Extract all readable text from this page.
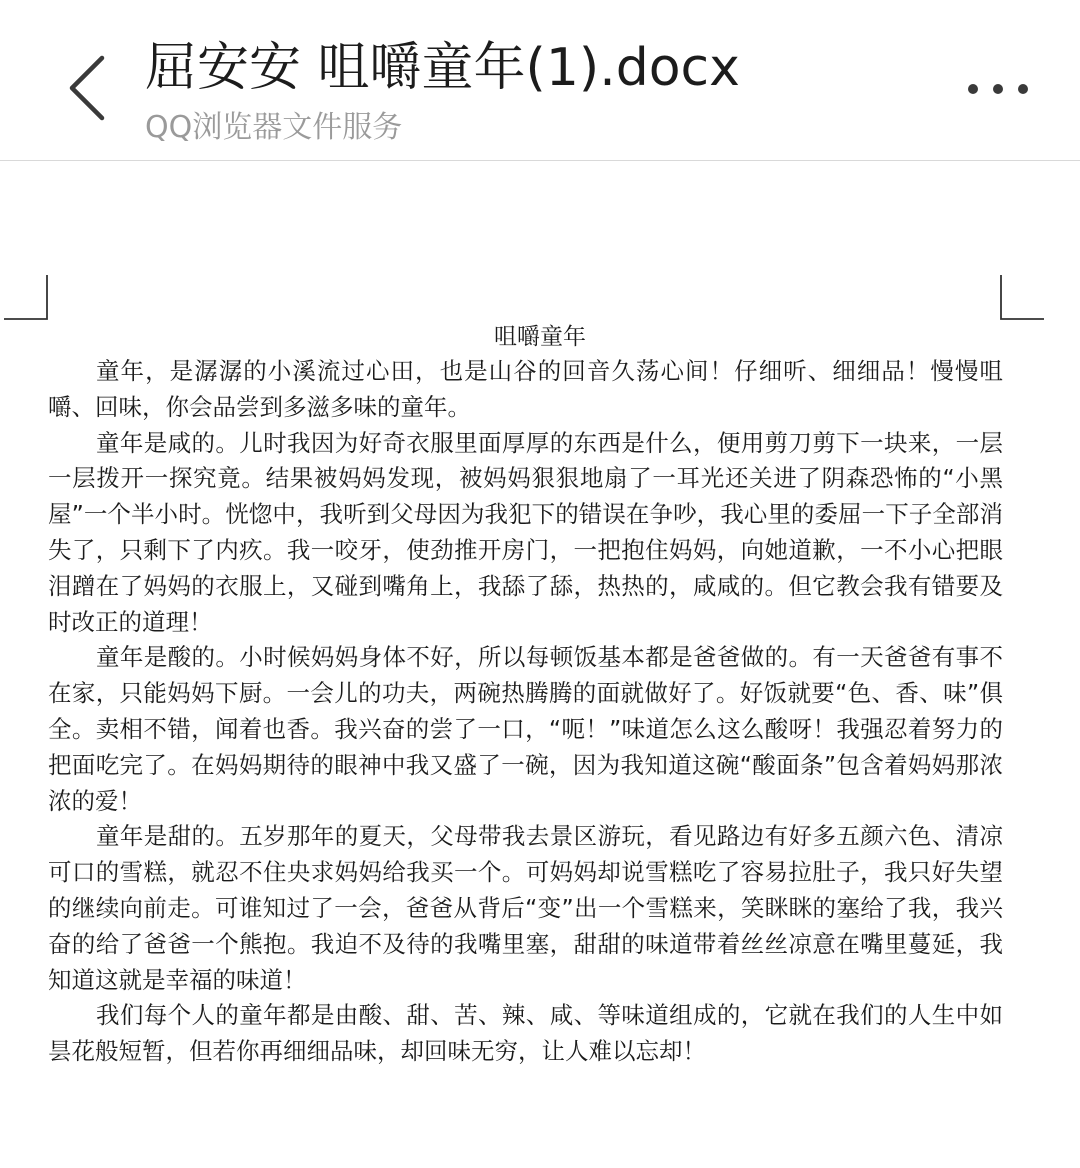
屈安安 咀嚼童年(1).docx
QQ浏览器文件服务
咀嚼童年

童年，是潺潺的小溪流过心田，也是山谷的回音久荡心间！仔细听、细细品！慢慢咀嚼、回味，你会品尝到多滋多味的童年。

童年是咸的。儿时我因为好奇衣服里面厚厚的东西是什么，便用剪刀剪下一块来，一层一层拨开一探究竟。结果被妈妈发现，被妈妈狠狠地扇了一耳光还关进了阴森恐怖的“小黑屋”一个半小时。恍惚中，我听到父母因为我犯下的错误在争吵，我心里的委屈一下子全部消失了，只剩下了内疚。我一咬牙，使劲推开房门，一把抱住妈妈，向她道歉，一不小心把眼泪蹭在了妈妈的衣服上，又碰到嘴角上，我舔了舔，热热的，咸咸的。但它教会我有错要及时改正的道理！

童年是酸的。小时候妈妈身体不好，所以每顿饭基本都是爸爸做的。有一天爸爸有事不在家，只能妈妈下厨。一会儿的功夫，两碗热腾腾的面就做好了。好饭就要“色、香、味”俱全。卖相不错，闻着也香。我兴奋的尝了一口，“呃！”味道怎么这么酸呀！我强忍着努力的把面吃完了。在妈妈期待的眼神中我又盛了一碗，因为我知道这碗“酸面条”包含着妈妈那浓浓的爱！

童年是甜的。五岁那年的夏天，父母带我去景区游玩，看见路边有好多五颜六色、清凉可口的雪糕，就忍不住央求妈妈给我买一个。可妈妈却说雪糕吃了容易拉肚子，我只好失望的继续向前走。可谁知过了一会，爸爸从背后“变”出一个雪糕来，笑眯眯的塞给了我，我兴奋的给了爸爸一个熊抱。我迫不及待的我嘴里塞，甜甜的味道带着丝丝凉意在嘴里蔓延，我知道这就是幸福的味道！

我们每个人的童年都是由酸、甜、苦、辣、咸、等味道组成的，它就在我们的人生中如昙花般短暂，但若你再细细品味，却回味无穷，让人难以忘却！
